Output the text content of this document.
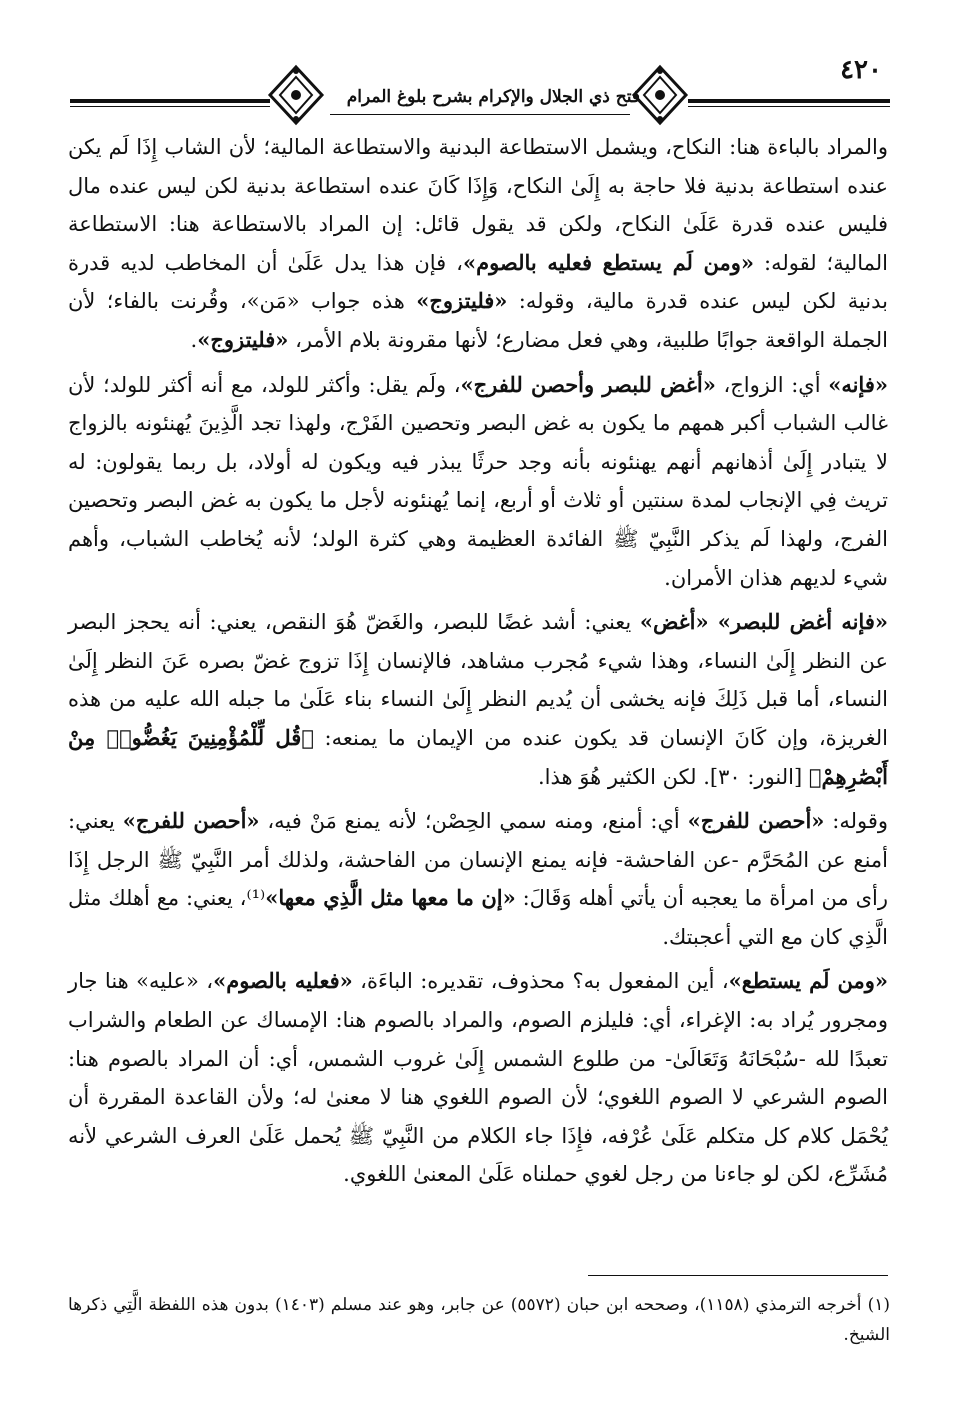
٤٢٠
فتح ذي الجلال والإكرام بشرح بلوغ المرام

والمراد بالباءة هنا: النكاح، ويشمل الاستطاعة البدنية والاستطاعة المالية؛ لأن الشاب إِذَا لَم يكن عنده استطاعة بدنية فلا حاجة به إِلَىٰ النكاح، وَإِذَا كَانَ عنده استطاعة بدنية لكن ليس عنده مال فليس عنده قدرة عَلَىٰ النكاح، ولكن قد يقول قائل: إن المراد بالاستطاعة هنا: الاستطاعة المالية؛ لقوله: «ومن لَم يستطع فعليه بالصوم»، فإن هذا يدل عَلَىٰ أن المخاطب لديه قدرة بدنية لكن ليس عنده قدرة مالية، وقوله: «فليتزوج» هذه جواب «مَن»، وقُرنت بالفاء؛ لأن الجملة الواقعة جوابًا طلبية، وهي فعل مضارع؛ لأنها مقرونة بلام الأمر، «فليتزوج».

«فإنه» أي: الزواج، «أغض للبصر وأحصن للفرج»، ولَم يقل: وأكثر للولد، مع أنه أكثر للولد؛ لأن غالب الشباب أكبر همهم ما يكون به غض البصر وتحصين الفَرْج، ولهذا تجد الَّذِينَ يُهنئونه بالزواج لا يتبادر إِلَىٰ أذهانهم أنهم يهنئونه بأنه وجد حرثًا يبذر فيه ويكون له أولاد، بل ربما يقولون: له تريث فِي الإنجاب لمدة سنتين أو ثلاث أو أربع، إنما يُهنئونه لأجل ما يكون به غض البصر وتحصين الفرج، ولهذا لَم يذكر النَّبِيّ ﷺ الفائدة العظيمة وهي كثرة الولد؛ لأنه يُخاطب الشباب، وأهم شيء لديهم هذان الأمران.

«فإنه أغض للبصر» «أغض» يعني: أشد غضًا للبصر، والغَضّ هُوَ النقص، يعني: أنه يحجز البصر عن النظر إِلَىٰ النساء، وهذا شيء مُجرب مشاهد، فالإنسان إِذَا تزوج غضّ بصره عَنَ النظر إِلَىٰ النساء، أما قبل ذَلِكَ فإنه يخشى أن يُديم النظر إِلَىٰ النساء بناء عَلَىٰ ما جبله الله عليه من هذه الغريزة، وإن كَانَ الإنسان قد يكون عنده من الإيمان ما يمنعه: ﴿قُل لِّلْمُؤْمِنِينَ يَغُضُّوا۟ مِنْ أَبْصَٰرِهِمْ﴾ [النور: ٣٠]. لكن الكثير هُوَ هذا.

وقوله: «أحصن للفرج» أي: أمنع، ومنه سمي الحِصْن؛ لأنه يمنع مَنْ فيه، «أحصن للفرج» يعني: أمنع عن المُحَرَّم -عن الفاحشة- فإنه يمنع الإنسان من الفاحشة، ولذلك أمر النَّبِيّ ﷺ الرجل إِذَا رأى من امرأة ما يعجبه أن يأتي أهله وَقَالَ: «إن ما معها مثل الَّذِي معها»⁽¹⁾، يعني: مع أهلك مثل الَّذِي كان مع التي أعجبتك.

«ومن لَم يستطع»، أين المفعول به؟ محذوف، تقديره: الباءَة، «فعليه بالصوم»، «عليه» هنا جار ومجرور يُراد به: الإغراء، أي: فليلزم الصوم، والمراد بالصوم هنا: الإمساك عن الطعام والشراب تعبدًا لله -سُبْحَانَهُ وَتَعَالَىٰ- من طلوع الشمس إِلَىٰ غروب الشمس، أي: أن المراد بالصوم هنا: الصوم الشرعي لا الصوم اللغوي؛ لأن الصوم اللغوي هنا لا معنىٰ له؛ ولأن القاعدة المقررة أن يُحْمَل كلام كل متكلم عَلَىٰ عُرْفه، فإِذَا جاء الكلام من النَّبِيّ ﷺ يُحمل عَلَىٰ العرف الشرعي لأنه مُشَرِّع، لكن لو جاءنا من رجل لغوي حملناه عَلَىٰ المعنىٰ اللغوي.

(١) أخرجه الترمذي (١١٥٨)، وصححه ابن حبان (٥٥٧٢) عن جابر، وهو عند مسلم (١٤٠٣) بدون هذه اللفظة الَّتِي ذكرها الشيخ.
